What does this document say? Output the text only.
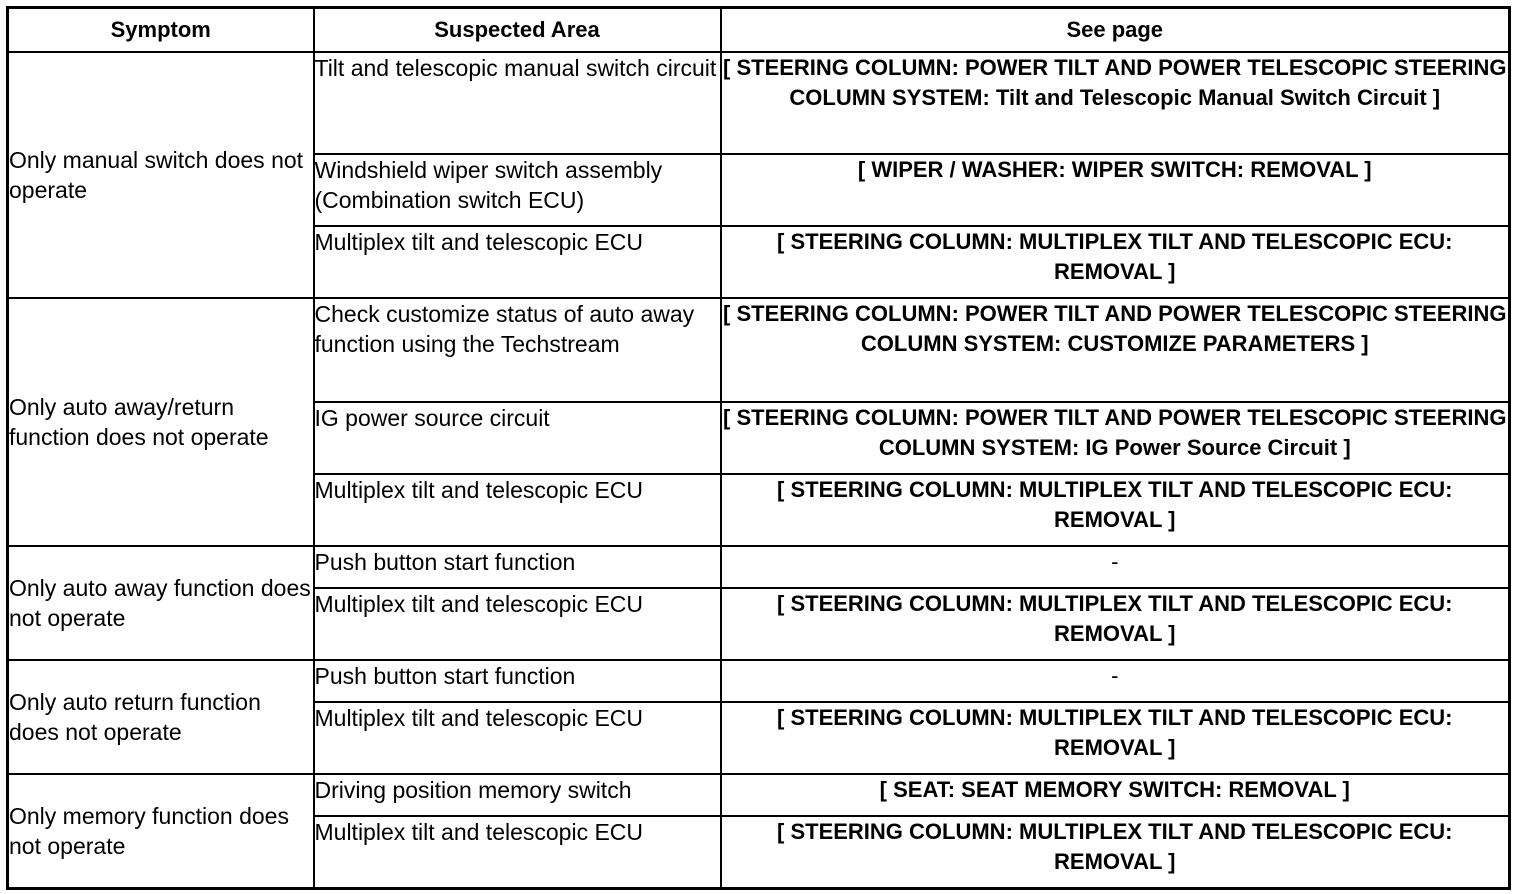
Symptom	Suspected Area	See page
Only manual switch does not operate	Tilt and telescopic manual switch circuit	[ STEERING COLUMN: POWER TILT AND POWER TELESCOPIC STEERING COLUMN SYSTEM: Tilt and Telescopic Manual Switch Circuit ]
	Windshield wiper switch assembly (Combination switch ECU)	[ WIPER / WASHER: WIPER SWITCH: REMOVAL ]
	Multiplex tilt and telescopic ECU	[ STEERING COLUMN: MULTIPLEX TILT AND TELESCOPIC ECU: REMOVAL ]
Only auto away/return function does not operate	Check customize status of auto away function using the Techstream	[ STEERING COLUMN: POWER TILT AND POWER TELESCOPIC STEERING COLUMN SYSTEM: CUSTOMIZE PARAMETERS ]
	IG power source circuit	[ STEERING COLUMN: POWER TILT AND POWER TELESCOPIC STEERING COLUMN SYSTEM: IG Power Source Circuit ]
	Multiplex tilt and telescopic ECU	[ STEERING COLUMN: MULTIPLEX TILT AND TELESCOPIC ECU: REMOVAL ]
Only auto away function does not operate	Push button start function	-
	Multiplex tilt and telescopic ECU	[ STEERING COLUMN: MULTIPLEX TILT AND TELESCOPIC ECU: REMOVAL ]
Only auto return function does not operate	Push button start function	-
	Multiplex tilt and telescopic ECU	[ STEERING COLUMN: MULTIPLEX TILT AND TELESCOPIC ECU: REMOVAL ]
Only memory function does not operate	Driving position memory switch	[ SEAT: SEAT MEMORY SWITCH: REMOVAL ]
	Multiplex tilt and telescopic ECU	[ STEERING COLUMN: MULTIPLEX TILT AND TELESCOPIC ECU: REMOVAL ]
